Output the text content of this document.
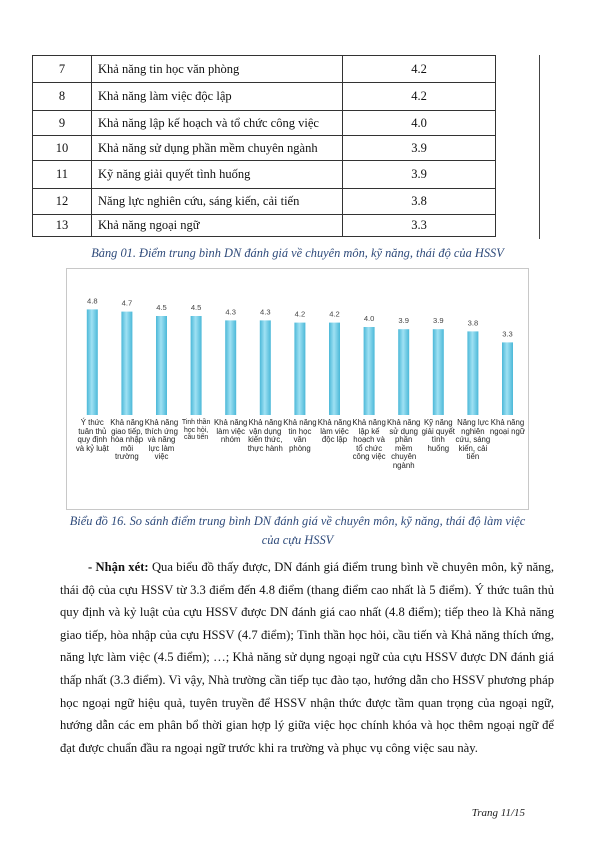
7	Khả năng tin học văn phòng	4.2
8	Khả năng làm việc độc lập	4.2
9	Khả năng lập kế hoạch và tổ chức công việc	4.0
10	Khả năng sử dụng phần mềm chuyên ngành	3.9
11	Kỹ năng giải quyết tình huống	3.9
12	Năng lực nghiên cứu, sáng kiến, cải tiến	3.8
13	Khả năng ngoại ngữ	3.3
Bảng 01. Điểm trung bình DN đánh giá về chuyên môn, kỹ năng, thái độ của HSSV
4.8	4.7	4.5	4.5	4.3	4.3	4.2	4.2	4.0	3.9	3.9	3.8
3.3
Ý thức tuân thủ quy định và kỷ luật
Khả năng giao tiếp, hòa nhập môi trường
Khả năng thích ứng và năng lực làm việc
Tinh thần học hỏi, cầu tiến
Khả năng làm việc nhóm
Khả năng vận dụng kiến thức, thực hành
Khả năng tin học văn phòng
Khả năng làm việc độc lập
Khả năng lập kế hoạch và tổ chức công việc
Khả năng sử dụng phần mềm chuyên ngành
Kỹ năng giải quyết tình huống
Năng lực nghiên cứu, sáng kiến, cải tiến
Khả năng ngoại ngữ
Biểu đồ 16. So sánh điểm trung bình DN đánh giá về chuyên môn, kỹ năng, thái độ làm việc
của cựu HSSV
- Nhận xét: Qua biểu đồ thấy được, DN đánh giá điểm trung bình về chuyên môn, kỹ năng, thái độ của cựu HSSV từ 3.3 điểm đến 4.8 điểm (thang điểm cao nhất là 5 điểm). Ý thức tuân thủ quy định và kỷ luật của cựu HSSV được DN đánh giá cao nhất (4.8 điểm); tiếp theo là Khả năng giao tiếp, hòa nhập của cựu HSSV (4.7 điểm); Tinh thần học hỏi, cầu tiến và Khả năng thích ứng, năng lực làm việc (4.5 điểm); …; Khả năng sử dụng ngoại ngữ của cựu HSSV được DN đánh giá thấp nhất (3.3 điểm). Vì vậy, Nhà trường cần tiếp tục đào tạo, hướng dẫn cho HSSV phương pháp học ngoại ngữ hiệu quả, tuyên truyền để HSSV nhận thức được tầm quan trọng của ngoại ngữ, hướng dẫn các em phân bổ thời gian hợp lý giữa việc học chính khóa và học thêm ngoại ngữ để đạt được chuẩn đầu ra ngoại ngữ trước khi ra trường và phục vụ công việc sau này.
Trang 11/15
